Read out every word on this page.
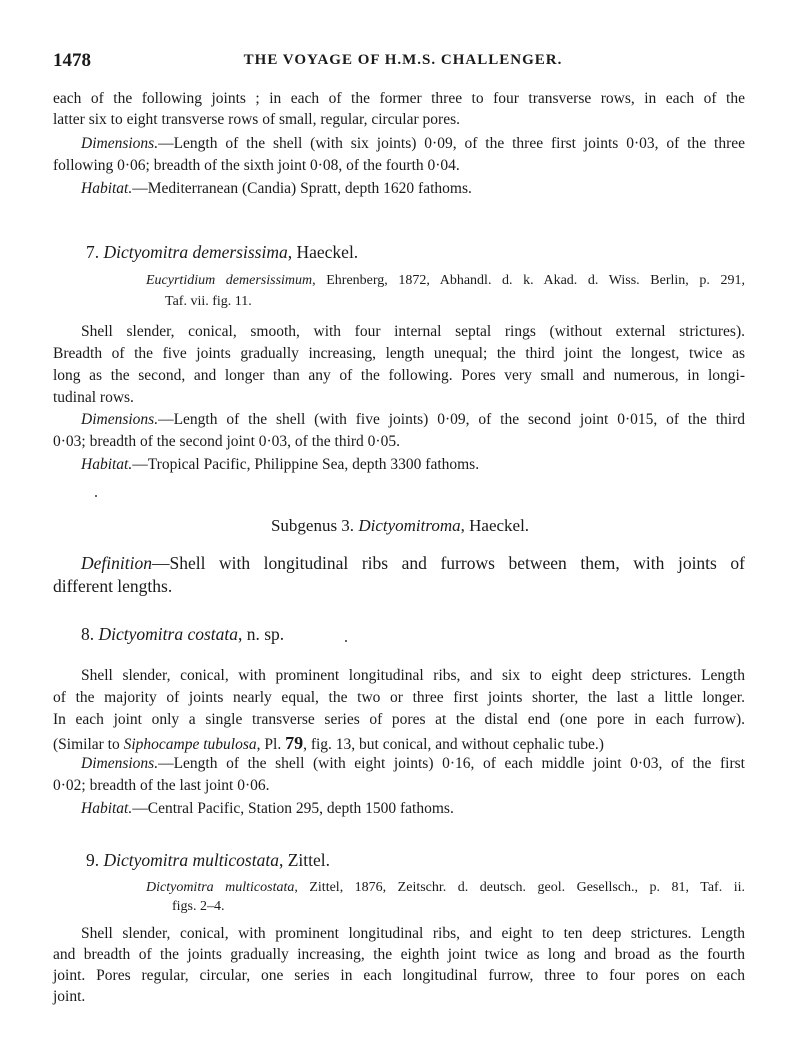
1478	THE VOYAGE OF H.M.S. CHALLENGER.
each of the following joints ; in each of the former three to four transverse rows, in each of the
latter six to eight transverse rows of small, regular, circular pores.
Dimensions.—Length of the shell (with six joints) 0·09, of the three first joints 0·03, of the three
following 0·06; breadth of the sixth joint 0·08, of the fourth 0·04.
Habitat.—Mediterranean (Candia) Spratt, depth 1620 fathoms.
7. Dictyomitra demersissima, Haeckel.
Eucyrtidium demersissimum, Ehrenberg, 1872, Abhandl. d. k. Akad. d. Wiss. Berlin, p. 291,
Taf. vii. fig. 11.
Shell slender, conical, smooth, with four internal septal rings (without external strictures).
Breadth of the five joints gradually increasing, length unequal; the third joint the longest, twice as
long as the second, and longer than any of the following. Pores very small and numerous, in longi-
tudinal rows.
Dimensions.—Length of the shell (with five joints) 0·09, of the second joint 0·015, of the third
0·03; breadth of the second joint 0·03, of the third 0·05.
Habitat.—Tropical Pacific, Philippine Sea, depth 3300 fathoms.
Subgenus 3. Dictyomitroma, Haeckel.
Definition—Shell with longitudinal ribs and furrows between them, with joints of
different lengths.
8. Dictyomitra costata, n. sp.
Shell slender, conical, with prominent longitudinal ribs, and six to eight deep strictures. Length
of the majority of joints nearly equal, the two or three first joints shorter, the last a little longer.
In each joint only a single transverse series of pores at the distal end (one pore in each furrow).
(Similar to Siphocampe tubulosa, Pl. 79, fig. 13, but conical, and without cephalic tube.)
Dimensions.—Length of the shell (with eight joints) 0·16, of each middle joint 0·03, of the first
0·02; breadth of the last joint 0·06.
Habitat.—Central Pacific, Station 295, depth 1500 fathoms.
9. Dictyomitra multicostata, Zittel.
Dictyomitra multicostata, Zittel, 1876, Zeitschr. d. deutsch. geol. Gesellsch., p. 81, Taf. ii.
figs. 2–4.
Shell slender, conical, with prominent longitudinal ribs, and eight to ten deep strictures. Length
and breadth of the joints gradually increasing, the eighth joint twice as long and broad as the fourth
joint. Pores regular, circular, one series in each longitudinal furrow, three to four pores on each
joint.
